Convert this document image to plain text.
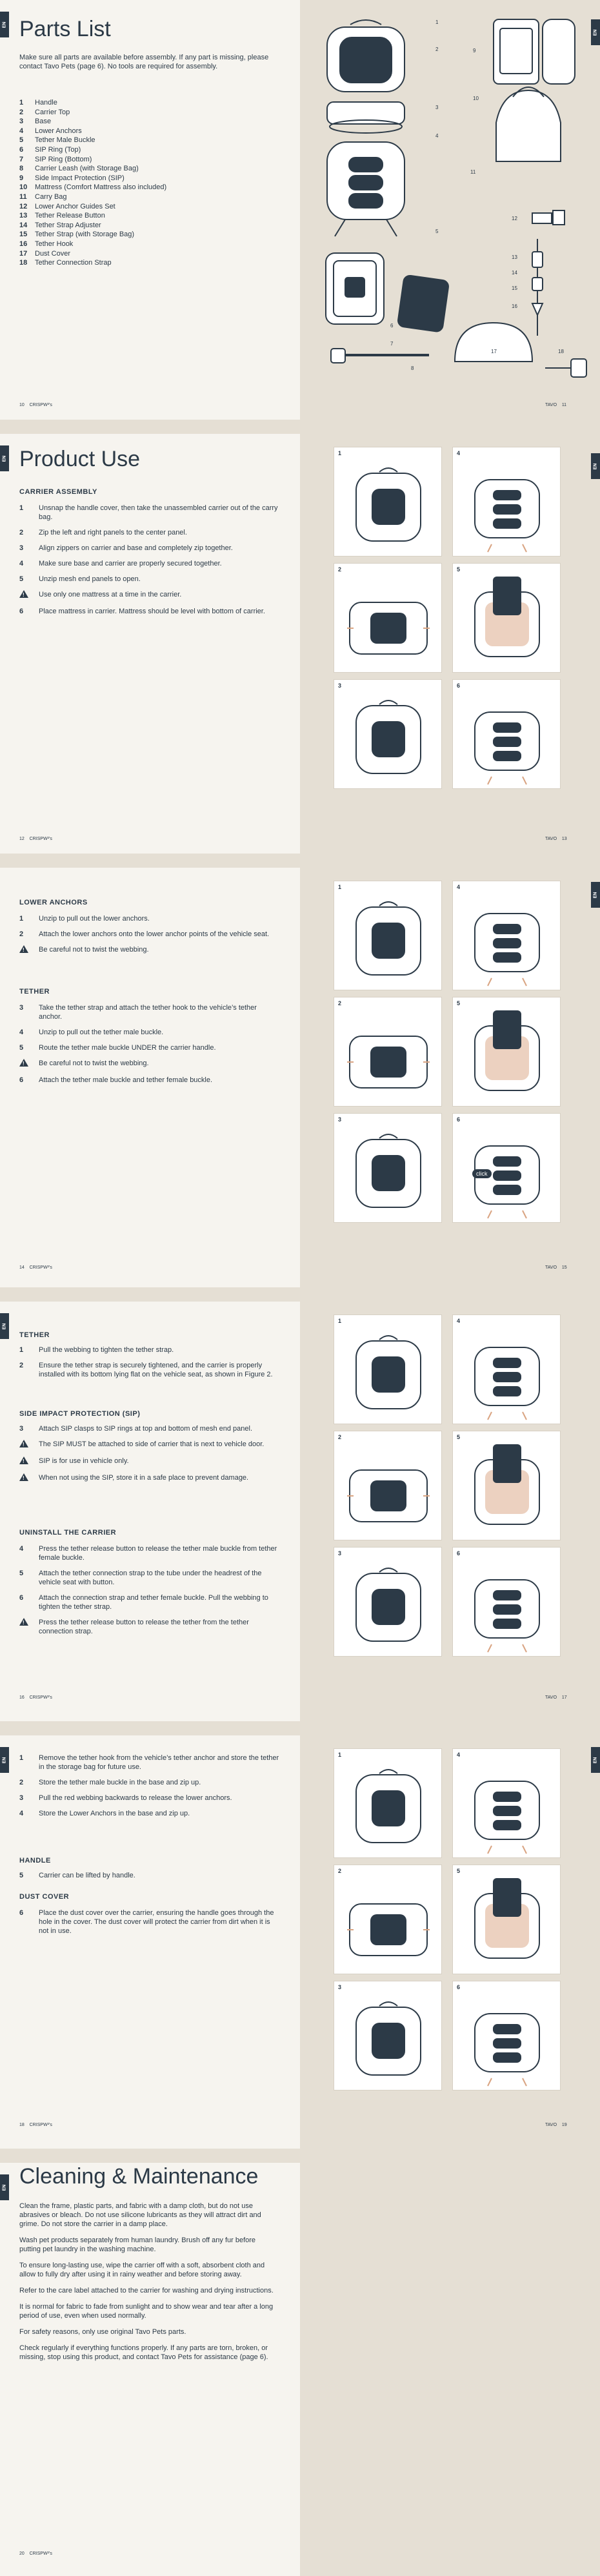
EN Parts List

Make sure all parts are available before assembly. If any part is missing, please contact Tavo Pets (page 6). No tools are required for assembly.

1	Handle
2	Carrier Top
3	Base
4	Lower Anchors
5	Tether Male Buckle
6	SIP Ring (Top)
7	SIP Ring (Bottom)
8	Carrier Leash (with Storage Bag)
9	Side Impact Protection (SIP)
10	Mattress (Comfort Mattress also included)
11	Carry Bag
12	Lower Anchor Guides Set
13	Tether Release Button
14	Tether Strap Adjuster
15	Tether Strap (with Storage Bag)
16	Tether Hook
17	Dust Cover
18	Tether Connection Strap
10 CRISPW²’s
1
2
3
4
5
6
7
8
9
10
11
12
13
14
15
16
17	18
EN
TAVO 11
EN Product Use
CARRIER ASSEMBLY
1	Unsnap the handle cover, then take the unassembled carrier out of the carry bag.
2	Zip the left and right panels to the center panel.
3	Align zippers on carrier and base and completely zip together.
4	Make sure base and carrier are properly secured together.
5	Unzip mesh end panels to open.
!
Use only one mattress at a time in the carrier.
6	Place mattress in carrier. Mattress should be level with bottom of carrier.
12 CRISPW²’s
1	4
2	5
3	6
EN
TAVO 13
LOWER ANCHORS
1	Unzip to pull out the lower anchors.
2	Attach the lower anchors onto the lower anchor points of the vehicle seat.
!
Be careful not to twist the webbing.
TETHER
3	Take the tether strap and attach the tether hook to the vehicle’s tether anchor.
4	Unzip to pull out the tether male buckle.
5	Route the tether male buckle UNDER the carrier handle.
!
Be careful not to twist the webbing.
6	Attach the tether male buckle and tether female buckle.
14 CRISPW²’s
1	4
2	5
3	6
click
EN
TAVO 15
EN
TETHER
1	Pull the webbing to tighten the tether strap.
2	Ensure the tether strap is securely tightened, and the carrier is properly installed with its bottom lying flat on the vehicle seat, as shown in Figure 2.
SIDE IMPACT PROTECTION (SIP)
3	Attach SIP clasps to SIP rings at top and bottom of mesh end panel.
!
The SIP MUST be attached to side of carrier that is next to vehicle door.
!
SIP is for use in vehicle only.
!
When not using the SIP, store it in a safe place to prevent damage.
UNINSTALL THE CARRIER
4	Press the tether release button to release the tether male buckle from tether female buckle.
5	Attach the tether connection strap to the tube under the headrest of the vehicle seat with button.
6	Attach the connection strap and tether female buckle. Pull the webbing to tighten the tether strap.
!
Press the tether release button to release the tether from the tether connection strap.
16 CRISPW²’s
1	4
2	5
3	6
TAVO 17
EN 1	Remove the tether hook from the vehicle’s tether anchor and store the tether in the storage bag for future use.
2	Store the tether male buckle in the base and zip up.
3	Pull the red webbing backwards to release the lower anchors.
4	Store the Lower Anchors in the base and zip up.
HANDLE
5	Carrier can be lifted by handle.
DUST COVER
6	Place the dust cover over the carrier, ensuring the handle goes through the hole in the cover. The dust cover will protect the carrier from dirt when it is not in use.
18 CRISPW²’s
1	4
2	5
3	6
EN
TAVO 19
EN Cleaning & Maintenance

Clean the frame, plastic parts, and fabric with a damp cloth, but do not use abrasives or bleach. Do not use silicone lubricants as they will attract dirt and grime. Do not store the carrier in a damp place.

Wash pet products separately from human laundry. Brush off any fur before putting pet laundry in the washing machine.

To ensure long-lasting use, wipe the carrier off with a soft, absorbent cloth and allow to fully dry after using it in rainy weather and before storing away.

Refer to the care label attached to the carrier for washing and drying instructions.

It is normal for fabric to fade from sunlight and to show wear and tear after a long period of use, even when used normally.

For safety reasons, only use original Tavo Pets parts.

Check regularly if everything functions properly. If any parts are torn, broken, or missing, stop using this product, and contact Tavo Pets for assistance (page 6).

20 CRISPW²’s
